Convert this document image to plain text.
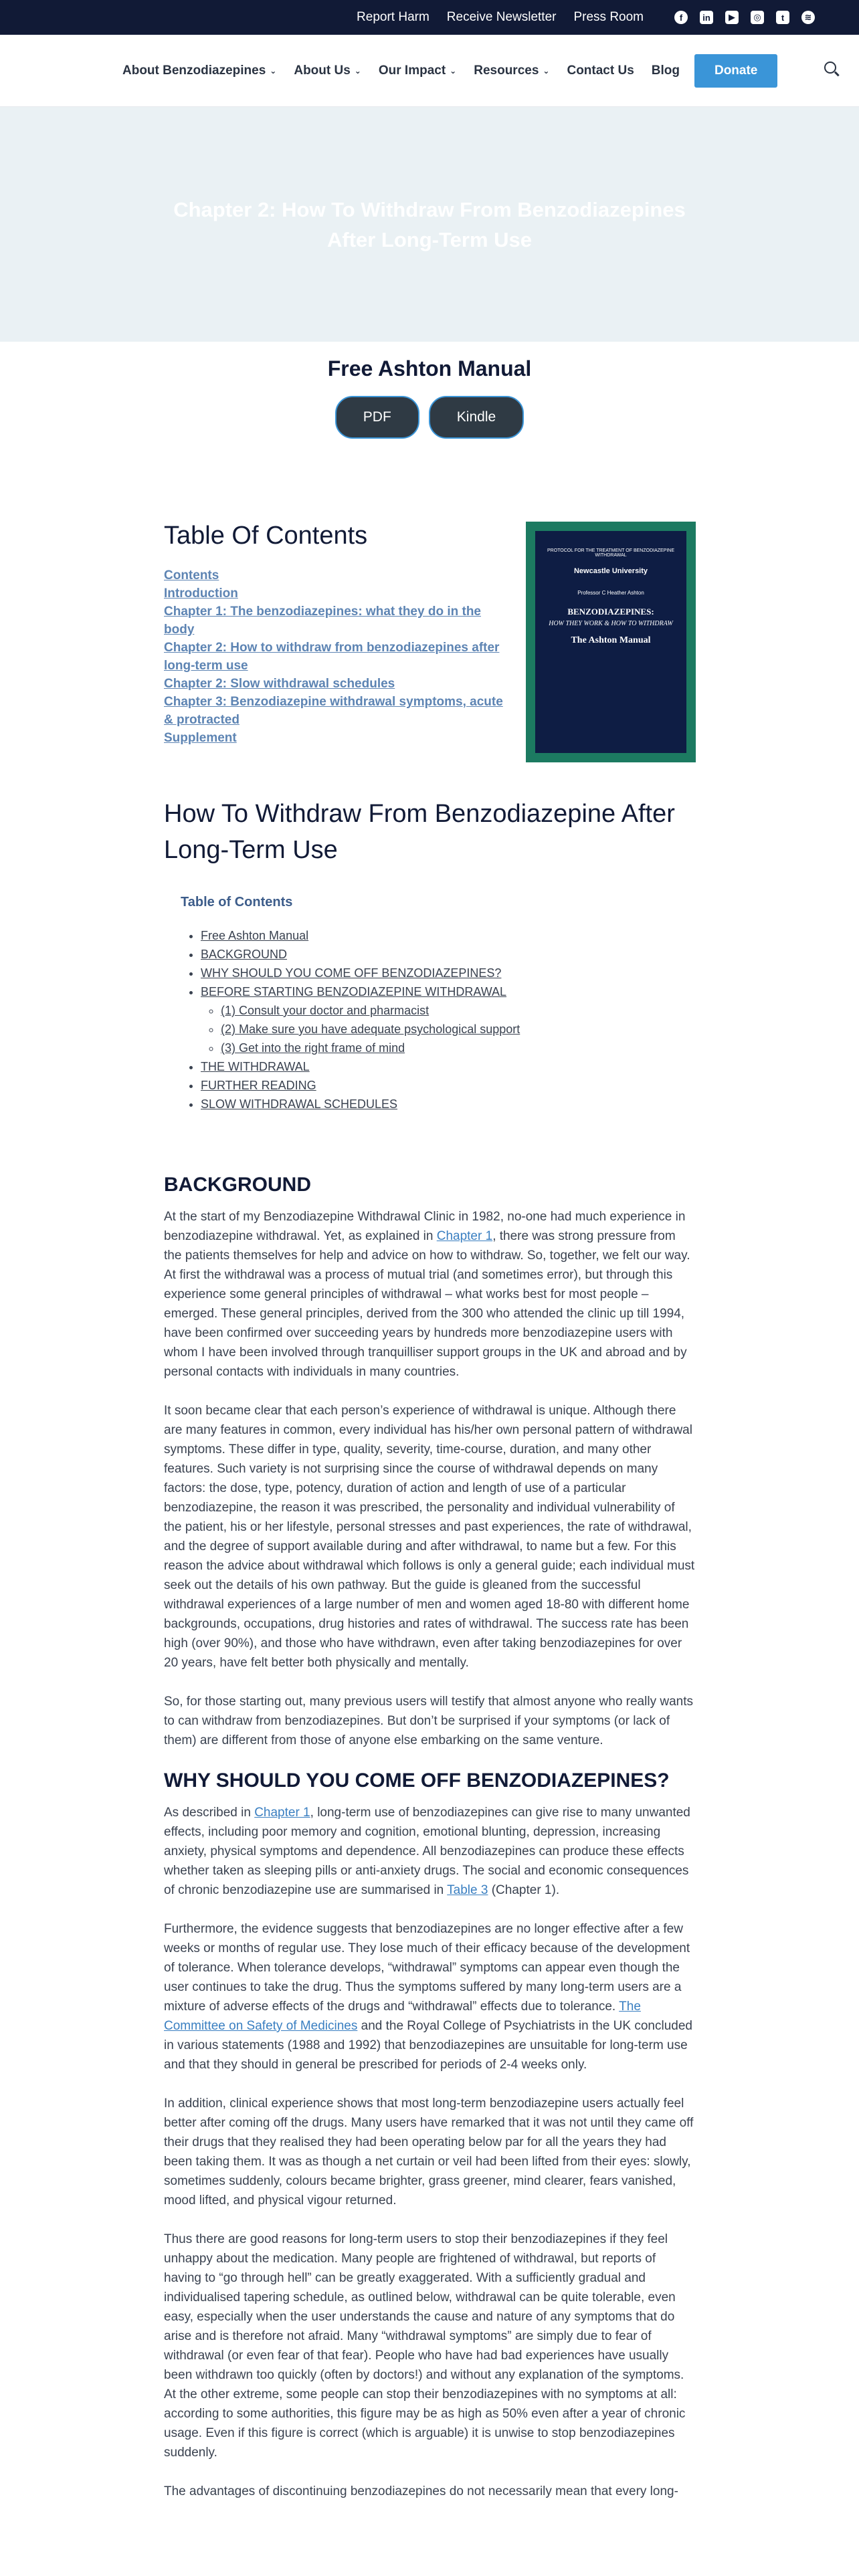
Report Harm Receive Newsletter Press Room	f	in	▶	◎	t	≋
About Benzodiazepines ⌄ About Us ⌄ Our Impact ⌄ Resources ⌄ Contact Us Blog	Donate
Chapter 2: How To Withdraw From Benzodiazepines After Long-Term Use
Free Ashton Manual
PDF	Kindle
Table Of Contents
Contents
Introduction
Chapter 1: The benzodiazepines: what they do in the body
Chapter 2: How to withdraw from benzodiazepines after long-term use
Chapter 2: Slow withdrawal schedules
Chapter 3: Benzodiazepine withdrawal symptoms, acute & protracted
Supplement
PROTOCOL FOR THE TREATMENT OF BENZODIAZEPINE WITHDRAWAL
Newcastle University
Professor C Heather Ashton
BENZODIAZEPINES:
HOW THEY WORK & HOW TO WITHDRAW
The Ashton Manual
How To Withdraw From Benzodiazepine After Long-Term Use
Table of Contents
• Free Ashton Manual
• BACKGROUND
• WHY SHOULD YOU COME OFF BENZODIAZEPINES?
• BEFORE STARTING BENZODIAZEPINE WITHDRAWAL
◦ (1) Consult your doctor and pharmacist
◦ (2) Make sure you have adequate psychological support
◦ (3) Get into the right frame of mind
• THE WITHDRAWAL
• FURTHER READING
• SLOW WITHDRAWAL SCHEDULES
BACKGROUND

At the start of my Benzodiazepine Withdrawal Clinic in 1982, no-one had much experience in benzodiazepine withdrawal. Yet, as explained in Chapter 1, there was strong pressure from the patients themselves for help and advice on how to withdraw. So, together, we felt our way. At first the withdrawal was a process of mutual trial (and sometimes error), but through this experience some general principles of withdrawal – what works best for most people – emerged. These general principles, derived from the 300 who attended the clinic up till 1994, have been confirmed over succeeding years by hundreds more benzodiazepine users with whom I have been involved through tranquilliser support groups in the UK and abroad and by personal contacts with individuals in many countries.

It soon became clear that each person’s experience of withdrawal is unique. Although there are many features in common, every individual has his/her own personal pattern of withdrawal symptoms. These differ in type, quality, severity, time-course, duration, and many other features. Such variety is not surprising since the course of withdrawal depends on many factors: the dose, type, potency, duration of action and length of use of a particular benzodiazepine, the reason it was prescribed, the personality and individual vulnerability of the patient, his or her lifestyle, personal stresses and past experiences, the rate of withdrawal, and the degree of support available during and after withdrawal, to name but a few. For this reason the advice about withdrawal which follows is only a general guide; each individual must seek out the details of his own pathway. But the guide is gleaned from the successful withdrawal experiences of a large number of men and women aged 18-80 with different home backgrounds, occupations, drug histories and rates of withdrawal. The success rate has been high (over 90%), and those who have withdrawn, even after taking benzodiazepines for over 20 years, have felt better both physically and mentally.

So, for those starting out, many previous users will testify that almost anyone who really wants to can withdraw from benzodiazepines. But don’t be surprised if your symptoms (or lack of them) are different from those of anyone else embarking on the same venture.

WHY SHOULD YOU COME OFF BENZODIAZEPINES?

As described in Chapter 1, long-term use of benzodiazepines can give rise to many unwanted effects, including poor memory and cognition, emotional blunting, depression, increasing anxiety, physical symptoms and dependence. All benzodiazepines can produce these effects whether taken as sleeping pills or anti-anxiety drugs. The social and economic consequences of chronic benzodiazepine use are summarised in Table 3 (Chapter 1).

Furthermore, the evidence suggests that benzodiazepines are no longer effective after a few weeks or months of regular use. They lose much of their efficacy because of the development of tolerance. When tolerance develops, “withdrawal” symptoms can appear even though the user continues to take the drug. Thus the symptoms suffered by many long-term users are a mixture of adverse effects of the drugs and “withdrawal” effects due to tolerance. The Committee on Safety of Medicines and the Royal College of Psychiatrists in the UK concluded in various statements (1988 and 1992) that benzodiazepines are unsuitable for long-term use and that they should in general be prescribed for periods of 2-4 weeks only.

In addition, clinical experience shows that most long-term benzodiazepine users actually feel better after coming off the drugs. Many users have remarked that it was not until they came off their drugs that they realised they had been operating below par for all the years they had been taking them. It was as though a net curtain or veil had been lifted from their eyes: slowly, sometimes suddenly, colours became brighter, grass greener, mind clearer, fears vanished, mood lifted, and physical vigour returned.

Thus there are good reasons for long-term users to stop their benzodiazepines if they feel unhappy about the medication. Many people are frightened of withdrawal, but reports of having to “go through hell” can be greatly exaggerated. With a sufficiently gradual and individualised tapering schedule, as outlined below, withdrawal can be quite tolerable, even easy, especially when the user understands the cause and nature of any symptoms that do arise and is therefore not afraid. Many “withdrawal symptoms” are simply due to fear of withdrawal (or even fear of that fear). People who have had bad experiences have usually been withdrawn too quickly (often by doctors!) and without any explanation of the symptoms. At the other extreme, some people can stop their benzodiazepines with no symptoms at all: according to some authorities, this figure may be as high as 50% even after a year of chronic usage. Even if this figure is correct (which is arguable) it is unwise to stop benzodiazepines suddenly.

The advantages of discontinuing benzodiazepines do not necessarily mean that every long-
